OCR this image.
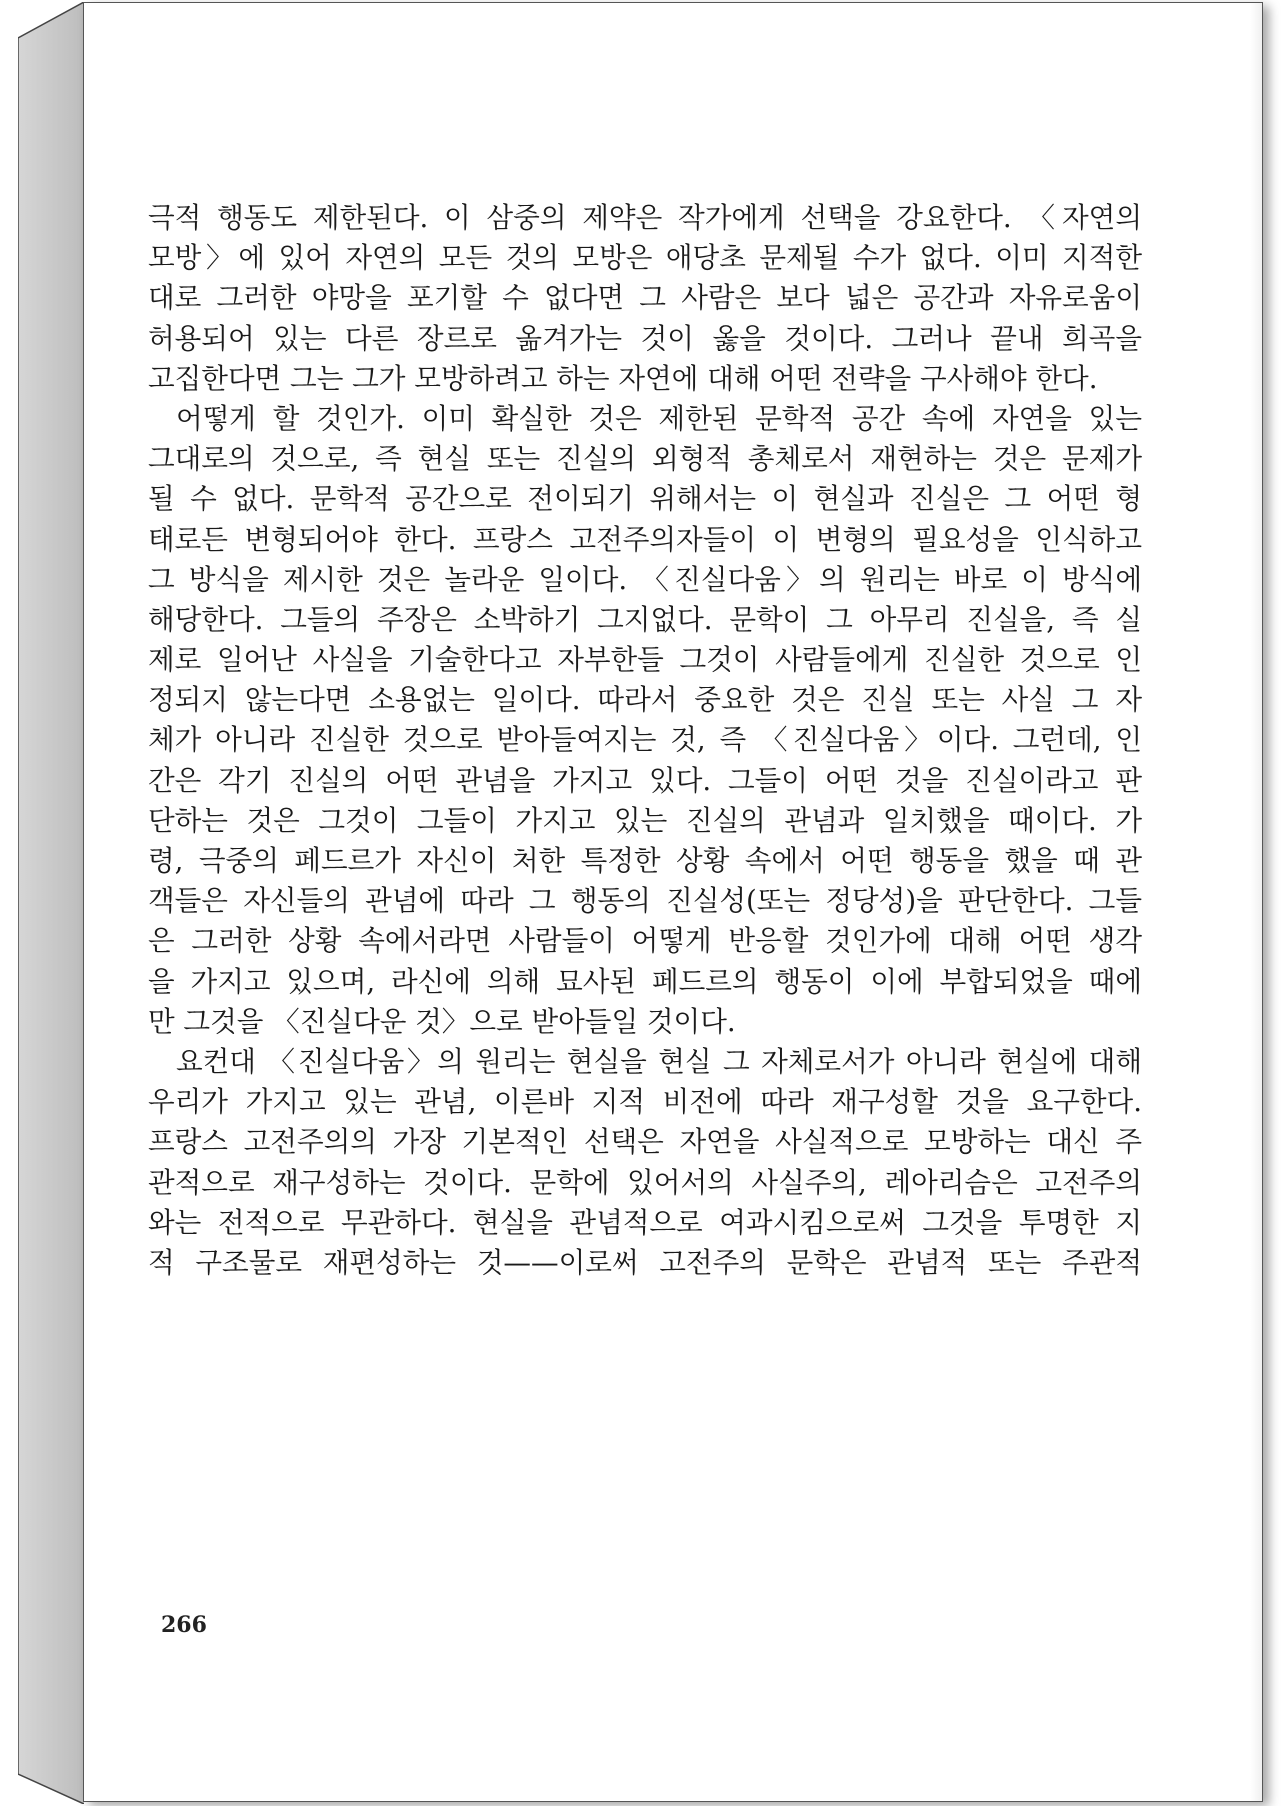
극적 행동도 제한된다. 이 삼중의 제약은 작가에게 선택을 강요한다. 〈자연의
모방〉에 있어 자연의 모든 것의 모방은 애당초 문제될 수가 없다. 이미 지적한
대로 그러한 야망을 포기할 수 없다면 그 사람은 보다 넓은 공간과 자유로움이
허용되어 있는 다른 장르로 옮겨가는 것이 옳을 것이다. 그러나 끝내 희곡을
고집한다면 그는 그가 모방하려고 하는 자연에 대해 어떤 전략을 구사해야 한다.
어떻게 할 것인가. 이미 확실한 것은 제한된 문학적 공간 속에 자연을 있는
그대로의 것으로, 즉 현실 또는 진실의 외형적 총체로서 재현하는 것은 문제가
될 수 없다. 문학적 공간으로 전이되기 위해서는 이 현실과 진실은 그 어떤 형
태로든 변형되어야 한다. 프랑스 고전주의자들이 이 변형의 필요성을 인식하고
그 방식을 제시한 것은 놀라운 일이다. 〈진실다움〉의 원리는 바로 이 방식에
해당한다. 그들의 주장은 소박하기 그지없다. 문학이 그 아무리 진실을, 즉 실
제로 일어난 사실을 기술한다고 자부한들 그것이 사람들에게 진실한 것으로 인
정되지 않는다면 소용없는 일이다. 따라서 중요한 것은 진실 또는 사실 그 자
체가 아니라 진실한 것으로 받아들여지는 것, 즉 〈진실다움〉이다. 그런데, 인
간은 각기 진실의 어떤 관념을 가지고 있다. 그들이 어떤 것을 진실이라고 판
단하는 것은 그것이 그들이 가지고 있는 진실의 관념과 일치했을 때이다. 가
령, 극중의 페드르가 자신이 처한 특정한 상황 속에서 어떤 행동을 했을 때 관
객들은 자신들의 관념에 따라 그 행동의 진실성(또는 정당성)을 판단한다. 그들
은 그러한 상황 속에서라면 사람들이 어떻게 반응할 것인가에 대해 어떤 생각
을 가지고 있으며, 라신에 의해 묘사된 페드르의 행동이 이에 부합되었을 때에
만 그것을 〈진실다운 것〉으로 받아들일 것이다.
요컨대 〈진실다움〉의 원리는 현실을 현실 그 자체로서가 아니라 현실에 대해
우리가 가지고 있는 관념, 이른바 지적 비전에 따라 재구성할 것을 요구한다.
프랑스 고전주의의 가장 기본적인 선택은 자연을 사실적으로 모방하는 대신 주
관적으로 재구성하는 것이다. 문학에 있어서의 사실주의, 레아리슴은 고전주의
와는 전적으로 무관하다. 현실을 관념적으로 여과시킴으로써 그것을 투명한 지
적 구조물로 재편성하는 것——이로써 고전주의 문학은 관념적 또는 주관적
266
